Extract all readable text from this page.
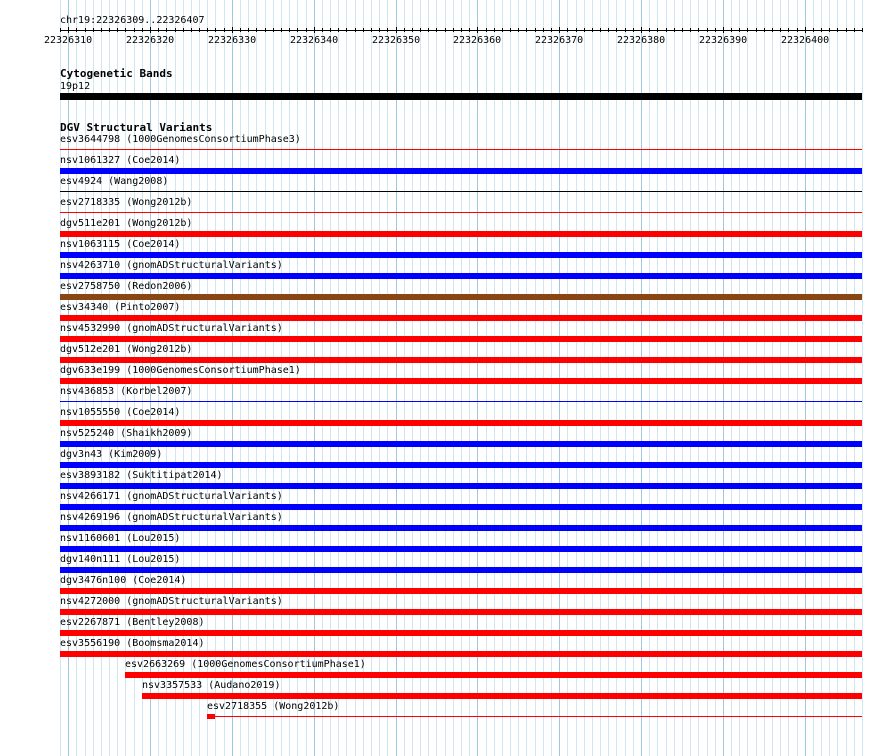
chr19:22326309..22326407
22326310	22326320	22326330	22326340	22326350	22326360	22326370	22326380	22326390	22326400
Cytogenetic Bands
19p12
DGV Structural Variants
esv3644798 (1000GenomesConsortiumPhase3)
nsv1061327 (Coe2014)
esv4924 (Wang2008)
esv2718335 (Wong2012b)
dgv511e201 (Wong2012b)
nsv1063115 (Coe2014)
nsv4263710 (gnomADStructuralVariants)
esv2758750 (Redon2006)
esv34340 (Pinto2007)
nsv4532990 (gnomADStructuralVariants)
dgv512e201 (Wong2012b)
dgv633e199 (1000GenomesConsortiumPhase1)
nsv436853 (Korbel2007)
nsv1055550 (Coe2014)
nsv525240 (Shaikh2009)
dgv3n43 (Kim2009)
esv3893182 (Suktitipat2014)
nsv4266171 (gnomADStructuralVariants)
nsv4269196 (gnomADStructuralVariants)
nsv1160601 (Lou2015)
dgv140n111 (Lou2015)
dgv3476n100 (Coe2014)
nsv4272000 (gnomADStructuralVariants)
esv2267871 (Bentley2008)
esv3556190 (Boomsma2014)
esv2663269 (1000GenomesConsortiumPhase1)
nsv3357533 (Audano2019)
esv2718355 (Wong2012b)
